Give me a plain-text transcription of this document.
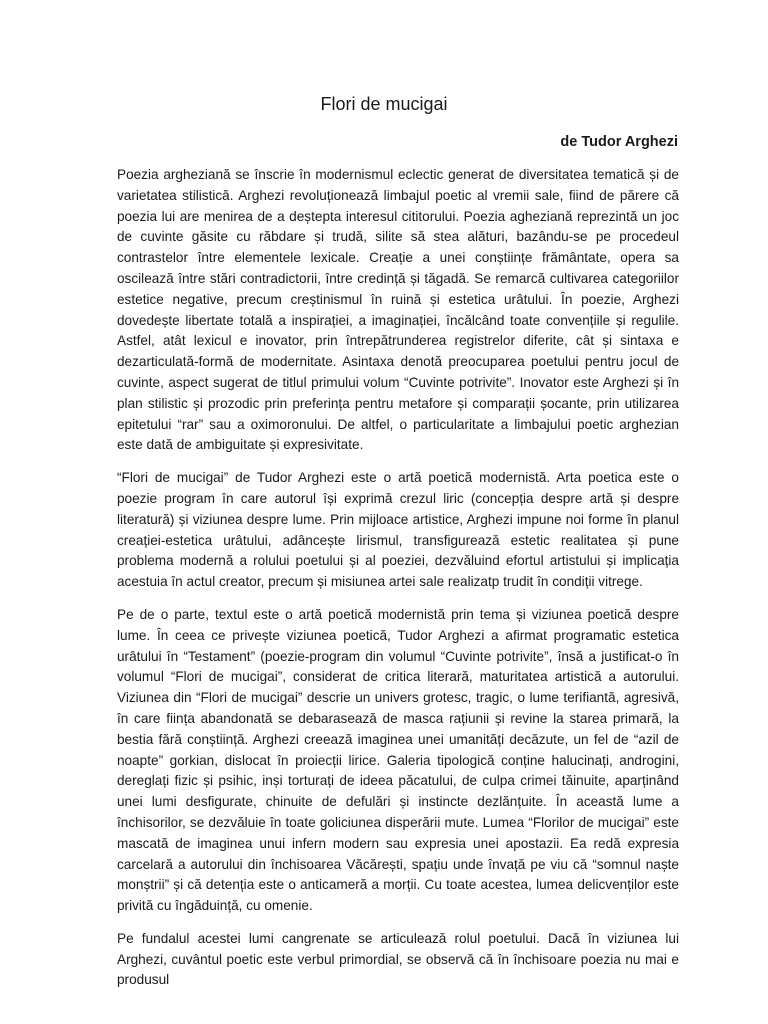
Flori de mucigai
de Tudor Arghezi

Poezia argheziană se înscrie în modernismul eclectic generat de diversitatea tematică și de varietatea stilistică. Arghezi revoluționează limbajul poetic al vremii sale, fiind de părere că poezia lui are menirea de a deștepta interesul cititorului. Poezia agheziană reprezintă un joc de cuvinte găsite cu răbdare și trudă, silite să stea alături, bazându-se pe procedeul contrastelor între elementele lexicale. Creație a unei conștiințe frământate, opera sa oscilează între stări contradictorii, între credință și tăgadă. Se remarcă cultivarea categoriilor estetice negative, precum creștinismul în ruină și estetica urâtului. În poezie, Arghezi dovedește libertate totală a inspirației, a imaginației, încălcând toate convențiile și regulile. Astfel, atât lexicul e inovator, prin întrepătrunderea registrelor diferite, cât și sintaxa e dezarticulată-formă de modernitate. Asintaxa denotă preocuparea poetului pentru jocul de cuvinte, aspect sugerat de titlul primului volum “Cuvinte potrivite”. Inovator este Arghezi și în plan stilistic și prozodic prin preferința pentru metafore și comparații șocante, prin utilizarea epitetului “rar” sau a oximoronului. De altfel, o particularitate a limbajului poetic arghezian este dată de ambiguitate și expresivitate.

“Flori de mucigai” de Tudor Arghezi este o artă poetică modernistă. Arta poetica este o poezie program în care autorul își exprimă crezul liric (concepția despre artă și despre literatură) și viziunea despre lume. Prin mijloace artistice, Arghezi impune noi forme în planul creației-estetica urâtului, adâncește lirismul, transfigurează estetic realitatea și pune problema modernă a rolului poetului și al poeziei, dezvăluind efortul artistului și implicația acestuia în actul creator, precum și misiunea artei sale realizatp trudit în condiții vitrege.

Pe de o parte, textul este o artă poetică modernistă prin tema și viziunea poetică despre lume. În ceea ce privește viziunea poetică, Tudor Arghezi a afirmat programatic estetica urâtului în “Testament” (poezie-program din volumul “Cuvinte potrivite”, însă a justificat-o în volumul “Flori de mucigai”, considerat de critica literară, maturitatea artistică a autorului. Viziunea din “Flori de mucigai” descrie un univers grotesc, tragic, o lume terifiantă, agresivă, în care ființa abandonată se debarasează de masca rațiunii și revine la starea primară, la bestia fără conștiință. Arghezi creează imaginea unei umanități decăzute, un fel de “azil de noapte” gorkian, dislocat în proiecții lirice. Galeria tipologică conține halucinați, androgini, dereglați fizic și psihic, inși torturați de ideea păcatului, de culpa crimei tăinuite, aparținând unei lumi desfigurate, chinuite de defulări și instincte dezlănțuite. În această lume a închisorilor, se dezvăluie în toate goliciunea disperării mute. Lumea “Florilor de mucigai” este mascată de imaginea unui infern modern sau expresia unei apostazii. Ea redă expresia carcelară a autorului din închisoarea Văcărești, spațiu unde învață pe viu că “somnul naște monștrii” și că detenția este o anticameră a morții. Cu toate acestea, lumea delicvenților este privită cu îngăduință, cu omenie.

Pe fundalul acestei lumi cangrenate se articulează rolul poetului. Dacă în viziunea lui Arghezi, cuvântul poetic este verbul primordial, se observă că în închisoare poezia nu mai e produsul
